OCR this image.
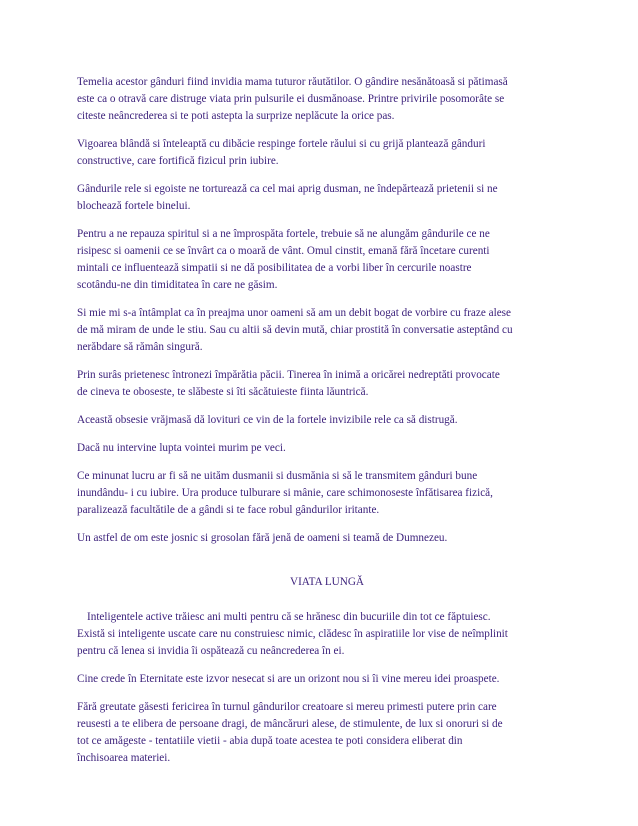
Temelia acestor gânduri fiind invidia mama tuturor răutătilor. O gândire nesănătoasă si pătimasă
este ca o otravă care distruge viata prin pulsurile ei dusmănoase. Printre privirile posomorâte se
citeste neâncrederea si te poti astepta la surprize neplăcute la orice pas.
Vigoarea blândă si înteleaptă cu dibăcie respinge fortele răului si cu grijă plantează gânduri
constructive, care fortifică fizicul prin iubire.
Gândurile rele si egoiste ne torturează ca cel mai aprig dusman, ne îndepărtează prietenii si ne
blochează fortele binelui.
Pentru a ne repauza spiritul si a ne împrospăta fortele, trebuie să ne alungăm gândurile ce ne
risipesc si oamenii ce se învârt ca o moară de vânt. Omul cinstit, emană fără încetare curenti
mintali ce influentează simpatii si ne dă posibilitatea de a vorbi liber în cercurile noastre
scotându-ne din timiditatea în care ne găsim.
Si mie mi s-a întâmplat ca în preajma unor oameni să am un debit bogat de vorbire cu fraze alese
de mă miram de unde le stiu. Sau cu altii să devin mută, chiar prostită în conversatie asteptând cu
nerăbdare să rămân singură.
Prin surâs prietenesc întronezi împărătia păcii. Tinerea în inimă a oricărei nedreptăti provocate
de cineva te oboseste, te slăbeste si îti săcătuieste fiinta lăuntrică.
Această obsesie vrăjmasă dă lovituri ce vin de la fortele invizibile rele ca să distrugă.
Dacă nu intervine lupta vointei murim pe veci.
Ce minunat lucru ar fi să ne uităm dusmanii si dusmănia si să le transmitem gânduri bune
inundându- i cu iubire. Ura produce tulburare si mânie, care schimonoseste înfătisarea fizică,
paralizează facultătile de a gândi si te face robul gândurilor iritante.
Un astfel de om este josnic si grosolan fără jenă de oameni si teamă de Dumnezeu.
VIATA LUNGĂ
Inteligentele active trăiesc ani multi pentru că se hrănesc din bucuriile din tot ce făptuiesc.
Există si inteligente uscate care nu construiesc nimic, clădesc în aspiratiile lor vise de neîmplinit
pentru că lenea si invidia îi ospătează cu neâncrederea în ei.
Cine crede în Eternitate este izvor nesecat si are un orizont nou si îi vine mereu idei proaspete.
Fără greutate găsesti fericirea în turnul gândurilor creatoare si mereu primesti putere prin care
reusesti a te elibera de persoane dragi, de mâncăruri alese, de stimulente, de lux si onoruri si de
tot ce amăgeste - tentatiile vietii - abia după toate acestea te poti considera eliberat din
închisoarea materiei.
